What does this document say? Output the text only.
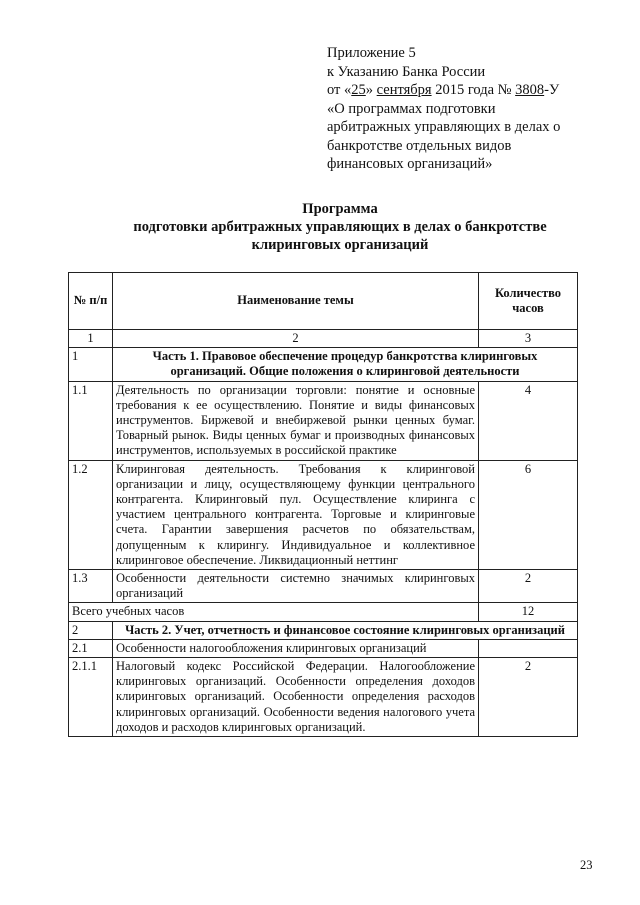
Приложение 5
к Указанию Банка России
от «25» сентября 2015 года № 3808-У
«О программах подготовки
арбитражных управляющих в делах о
банкротстве отдельных видов
финансовых организаций»
Программа
подготовки арбитражных управляющих в делах о банкротстве
клиринговых организаций
№ п/п	Наименование темы	Количество часов
1	2	3
1	Часть 1. Правовое обеспечение процедур банкротства клиринговых организаций. Общие положения о клиринговой деятельности	
1.1	Деятельность по организации торговли: понятие и основные требования к ее осуществлению. Понятие и виды финансовых инструментов. Биржевой и внебиржевой рынки ценных бумаг. Товарный рынок. Виды ценных бумаг и производных финансовых инструментов, используемых в российской практике	4
1.2	Клиринговая деятельность. Требования к клиринговой организации и лицу, осуществляющему функции центрального контрагента. Клиринговый пул. Осуществление клиринга с участием центрального контрагента. Торговые и клиринговые счета. Гарантии завершения расчетов по обязательствам, допущенным к клирингу. Индивидуальное и коллективное клиринговое обеспечение. Ликвидационный неттинг	6
1.3	Особенности деятельности системно значимых клиринговых организаций	2
Всего учебных часов		12
2	Часть 2. Учет, отчетность и финансовое состояние клиринговых организаций	
2.1	Особенности налогообложения клиринговых организаций	
2.1.1	Налоговый кодекс Российской Федерации. Налогообложение клиринговых организаций. Особенности определения доходов клиринговых организаций. Особенности определения расходов клиринговых организаций. Особенности ведения налогового учета доходов и расходов клиринговых организаций.	2
23
